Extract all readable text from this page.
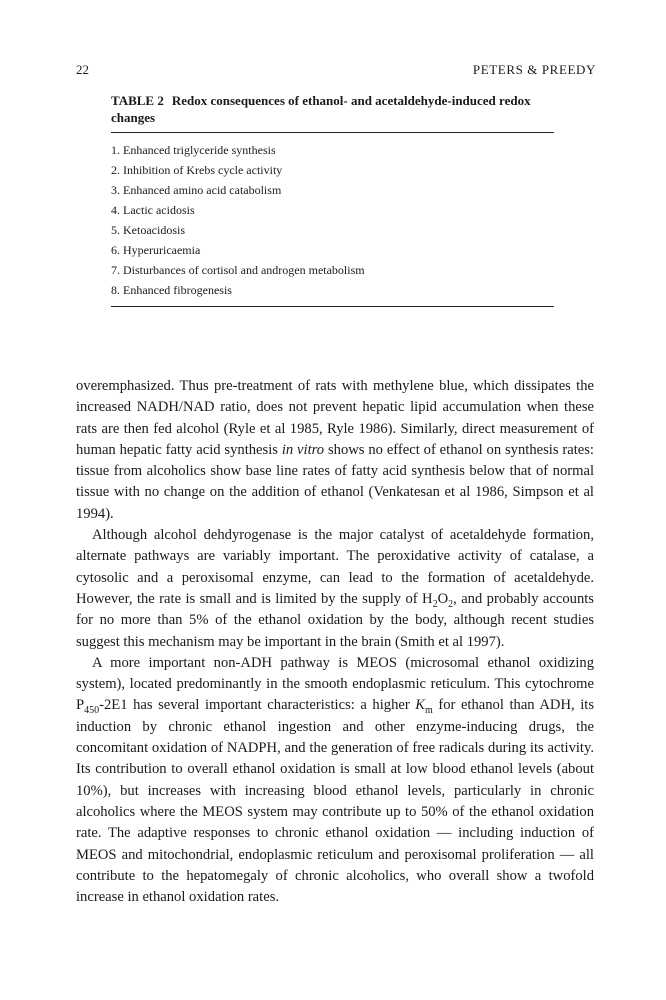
22	PETERS & PREEDY
TABLE 2 Redox consequences of ethanol- and acetaldehyde-induced redox changes
1. Enhanced triglyceride synthesis
2. Inhibition of Krebs cycle activity
3. Enhanced amino acid catabolism
4. Lactic acidosis
5. Ketoacidosis
6. Hyperuricaemia
7. Disturbances of cortisol and androgen metabolism
8. Enhanced fibrogenesis

overemphasized. Thus pre-treatment of rats with methylene blue, which dissipates the increased NADH/NAD ratio, does not prevent hepatic lipid accumulation when these rats are then fed alcohol (Ryle et al 1985, Ryle 1986). Similarly, direct measurement of human hepatic fatty acid synthesis in vitro shows no effect of ethanol on synthesis rates: tissue from alcoholics show base line rates of fatty acid synthesis below that of normal tissue with no change on the addition of ethanol (Venkatesan et al 1986, Simpson et al 1994).

Although alcohol dehdyrogenase is the major catalyst of acetaldehyde formation, alternate pathways are variably important. The peroxidative activity of catalase, a cytosolic and a peroxisomal enzyme, can lead to the formation of acetaldehyde. However, the rate is small and is limited by the supply of $H_2O_2$, and probably accounts for no more than 5% of the ethanol oxidation by the body, although recent studies suggest this mechanism may be important in the brain (Smith et al 1997).

A more important non-ADH pathway is MEOS (microsomal ethanol oxidizing system), located predominantly in the smooth endoplasmic reticulum. This cytochrome $P_{450}-2E1$ has several important characteristics: a higher $K_m$ for ethanol than ADH, its induction by chronic ethanol ingestion and other enzyme-inducing drugs, the concomitant oxidation of NADPH, and the generation of free radicals during its activity. Its contribution to overall ethanol oxidation is small at low blood ethanol levels (about 10%), but increases with increasing blood ethanol levels, particularly in chronic alcoholics where the MEOS system may contribute up to 50% of the ethanol oxidation rate. The adaptive responses to chronic ethanol oxidation — including induction of MEOS and mitochondrial, endoplasmic reticulum and peroxisomal proliferation — all contribute to the hepatomegaly of chronic alcoholics, who overall show a twofold increase in ethanol oxidation rates.
